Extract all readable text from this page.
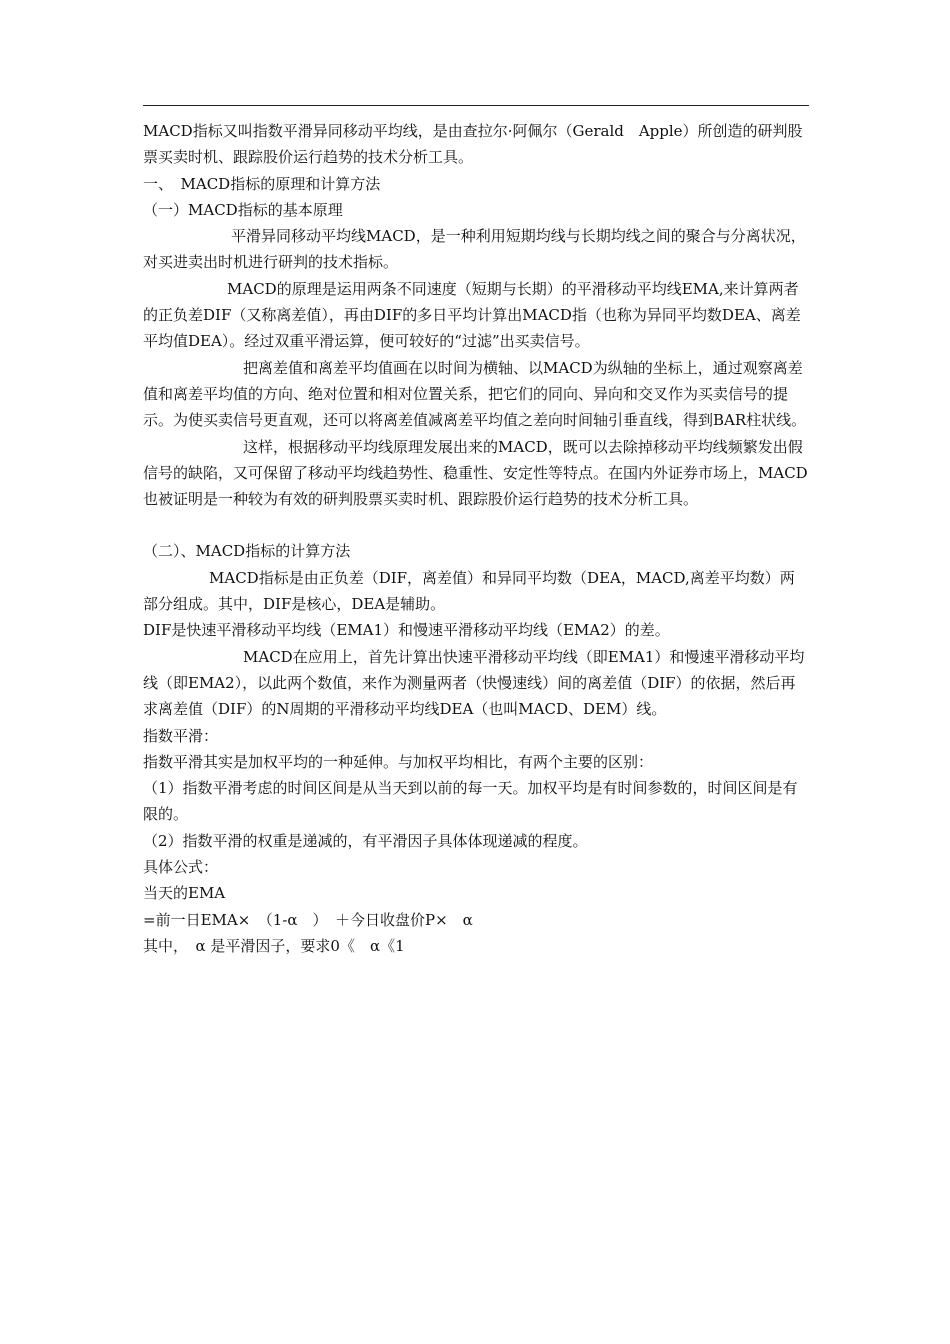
MACD指标又叫指数平滑异同移动平均线，是由查拉尔·阿佩尔（Gerald　Apple）所创造的研判股票买卖时机、跟踪股价运行趋势的技术分析工具。

一、　MACD指标的原理和计算方法

（一）MACD指标的基本原理

平滑异同移动平均线MACD，是一种利用短期均线与长期均线之间的聚合与分离状况，对买进卖出时机进行研判的技术指标。

MACD的原理是运用两条不同速度（短期与长期）的平滑移动平均线EMA,来计算两者的正负差DIF（又称离差值），再由DIF的多日平均计算出MACD指（也称为异同平均数DEA、离差平均值DEA）。经过双重平滑运算，便可较好的“过滤”出买卖信号。

把离差值和离差平均值画在以时间为横轴、以MACD为纵轴的坐标上，通过观察离差值和离差平均值的方向、绝对位置和相对位置关系，把它们的同向、异向和交叉作为买卖信号的提示。为使买卖信号更直观，还可以将离差值减离差平均值之差向时间轴引垂直线，得到BAR柱状线。

这样，根据移动平均线原理发展出来的MACD，既可以去除掉移动平均线频繁发出假信号的缺陷，又可保留了移动平均线趋势性、稳重性、安定性等特点。在国内外证券市场上，MACD也被证明是一种较为有效的研判股票买卖时机、跟踪股价运行趋势的技术分析工具。

（二）、MACD指标的计算方法

MACD指标是由正负差（DIF，离差值）和异同平均数（DEA，MACD,离差平均数）两部分组成。其中，DIF是核心，DEA是辅助。

DIF是快速平滑移动平均线（EMA1）和慢速平滑移动平均线（EMA2）的差。

MACD在应用上，首先计算出快速平滑移动平均线（即EMA1）和慢速平滑移动平均线（即EMA2），以此两个数值，来作为测量两者（快慢速线）间的离差值（DIF）的依据，然后再求离差值（DIF）的N周期的平滑移动平均线DEA（也叫MACD、DEM）线。

指数平滑：

指数平滑其实是加权平均的一种延伸。与加权平均相比，有两个主要的区别：

（1）指数平滑考虑的时间区间是从当天到以前的每一天。加权平均是有时间参数的，时间区间是有限的。

（2）指数平滑的权重是递减的，有平滑因子具体体现递减的程度。

具体公式：

当天的EMA

=前一日EMA×　（1-α　）　＋今日收盘价P×　α

其中，　α 是平滑因子，要求0《　α《1
